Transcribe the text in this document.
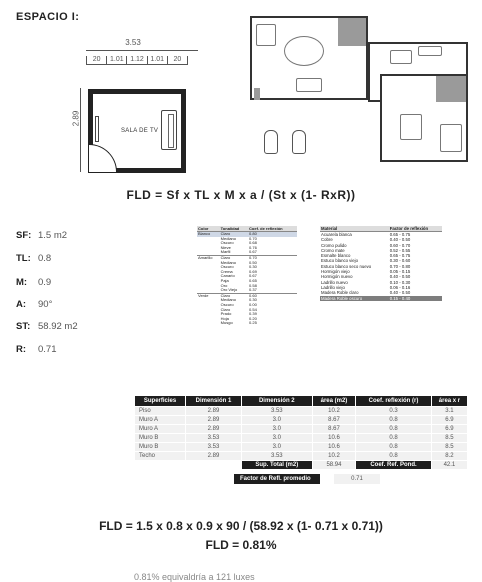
ESPACIO I:
3.53
20	1.01 1.12 1.01	20
2.89
SALA DE TV
FLD = Sf x TL x M x a / (St x (1- RxR))
SF: 1.5 m2
TL: 0.8
M: 0.9
A: 90°
ST: 58.92 m2
R: 0.71
Color	Tonalidad	Coef. de reflexión
Blanco	Claro	0.80
	Mediano	0.70
	Oscuro	0.68
	Nieve	0.76
	Marfil	0.67
Amarillo	Claro	0.70
	Mediano	0.50
	Oscuro	0.30
	Crema	0.69
	Canario	0.67
	Paja	0.65
	Oro	0.58
	Oro Viejo	0.37
Verde	Claro	0.60
	Mediano	0.30
	Oscuro	0.00
	Claro	0.54
	Prado	0.39
	Hoja	0.20
	Musgo	0.25
Material	Factor de reflexión
Acuarela blanca	0.65 - 0.75
Cobre	0.40 - 0.50
Cromo pulido	0.60 - 0.70
Cromo mate	0.52 - 0.55
Esmalte blanco	0.65 - 0.75
Estuco blanco viejo	0.30 - 0.60
Estuco blanco seco nuevo	0.70 - 0.80
Hormigón viejo	0.05 - 0.15
Hormigón nuevo	0.40 - 0.50
Ladrillo nuevo	0.10 - 0.30
Ladrillo viejo	0.06 - 0.16
Madera Roble claro	0.40 - 0.50
Madera Roble oscuro	0.15 - 0.40
Superficies	Dimensión 1	Dimensión 2	área (m2)	Coef. reflexión (r)	área x r
Piso	2.89	3.53	10.2	0.3	3.1
Muro A	2.89	3.0	8.67	0.8	6.9
Muro A	2.89	3.0	8.67	0.8	6.9
Muro B	3.53	3.0	10.6	0.8	8.5
Muro B	3.53	3.0	10.6	0.8	8.5
Techo	2.89	3.53	10.2	0.8	8.2
		Sup. Total (m2)	58.94	Coef. Ref. Pond.	42.1
Factor de Refl. promedio	0.71
FLD = 1.5 x 0.8 x 0.9 x 90 / (58.92 x (1- 0.71 x 0.71))
FLD = 0.81%
0.81% equivaldría a 121 luxes
